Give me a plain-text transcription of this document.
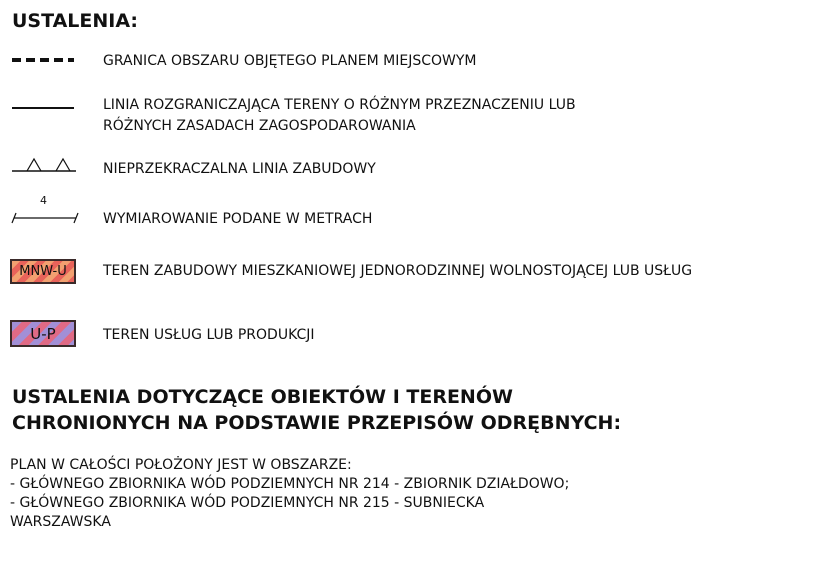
USTALENIA:
GRANICA OBSZARU OBJĘTEGO PLANEM MIEJSCOWYM
LINIA ROZGRANICZAJĄCA TERENY O RÓŻNYM PRZEZNACZENIU LUB
RÓŻNYCH ZASADACH ZAGOSPODAROWANIA
NIEPRZEKRACZALNA LINIA ZABUDOWY
4
WYMIAROWANIE PODANE W METRACH
MNW-U	TEREN ZABUDOWY MIESZKANIOWEJ JEDNORODZINNEJ WOLNOSTOJĄCEJ LUB USŁUG
U-P	TEREN USŁUG LUB PRODUKCJI
USTALENIA DOTYCZĄCE OBIEKTÓW I TERENÓW
CHRONIONYCH NA PODSTAWIE PRZEPISÓW ODRĘBNYCH:
PLAN W CAŁOŚCI POŁOŻONY JEST W OBSZARZE:
- GŁÓWNEGO ZBIORNIKA WÓD PODZIEMNYCH NR 214 - ZBIORNIK DZIAŁDOWO;
- GŁÓWNEGO ZBIORNIKA WÓD PODZIEMNYCH NR 215 - SUBNIECKA
WARSZAWSKA
